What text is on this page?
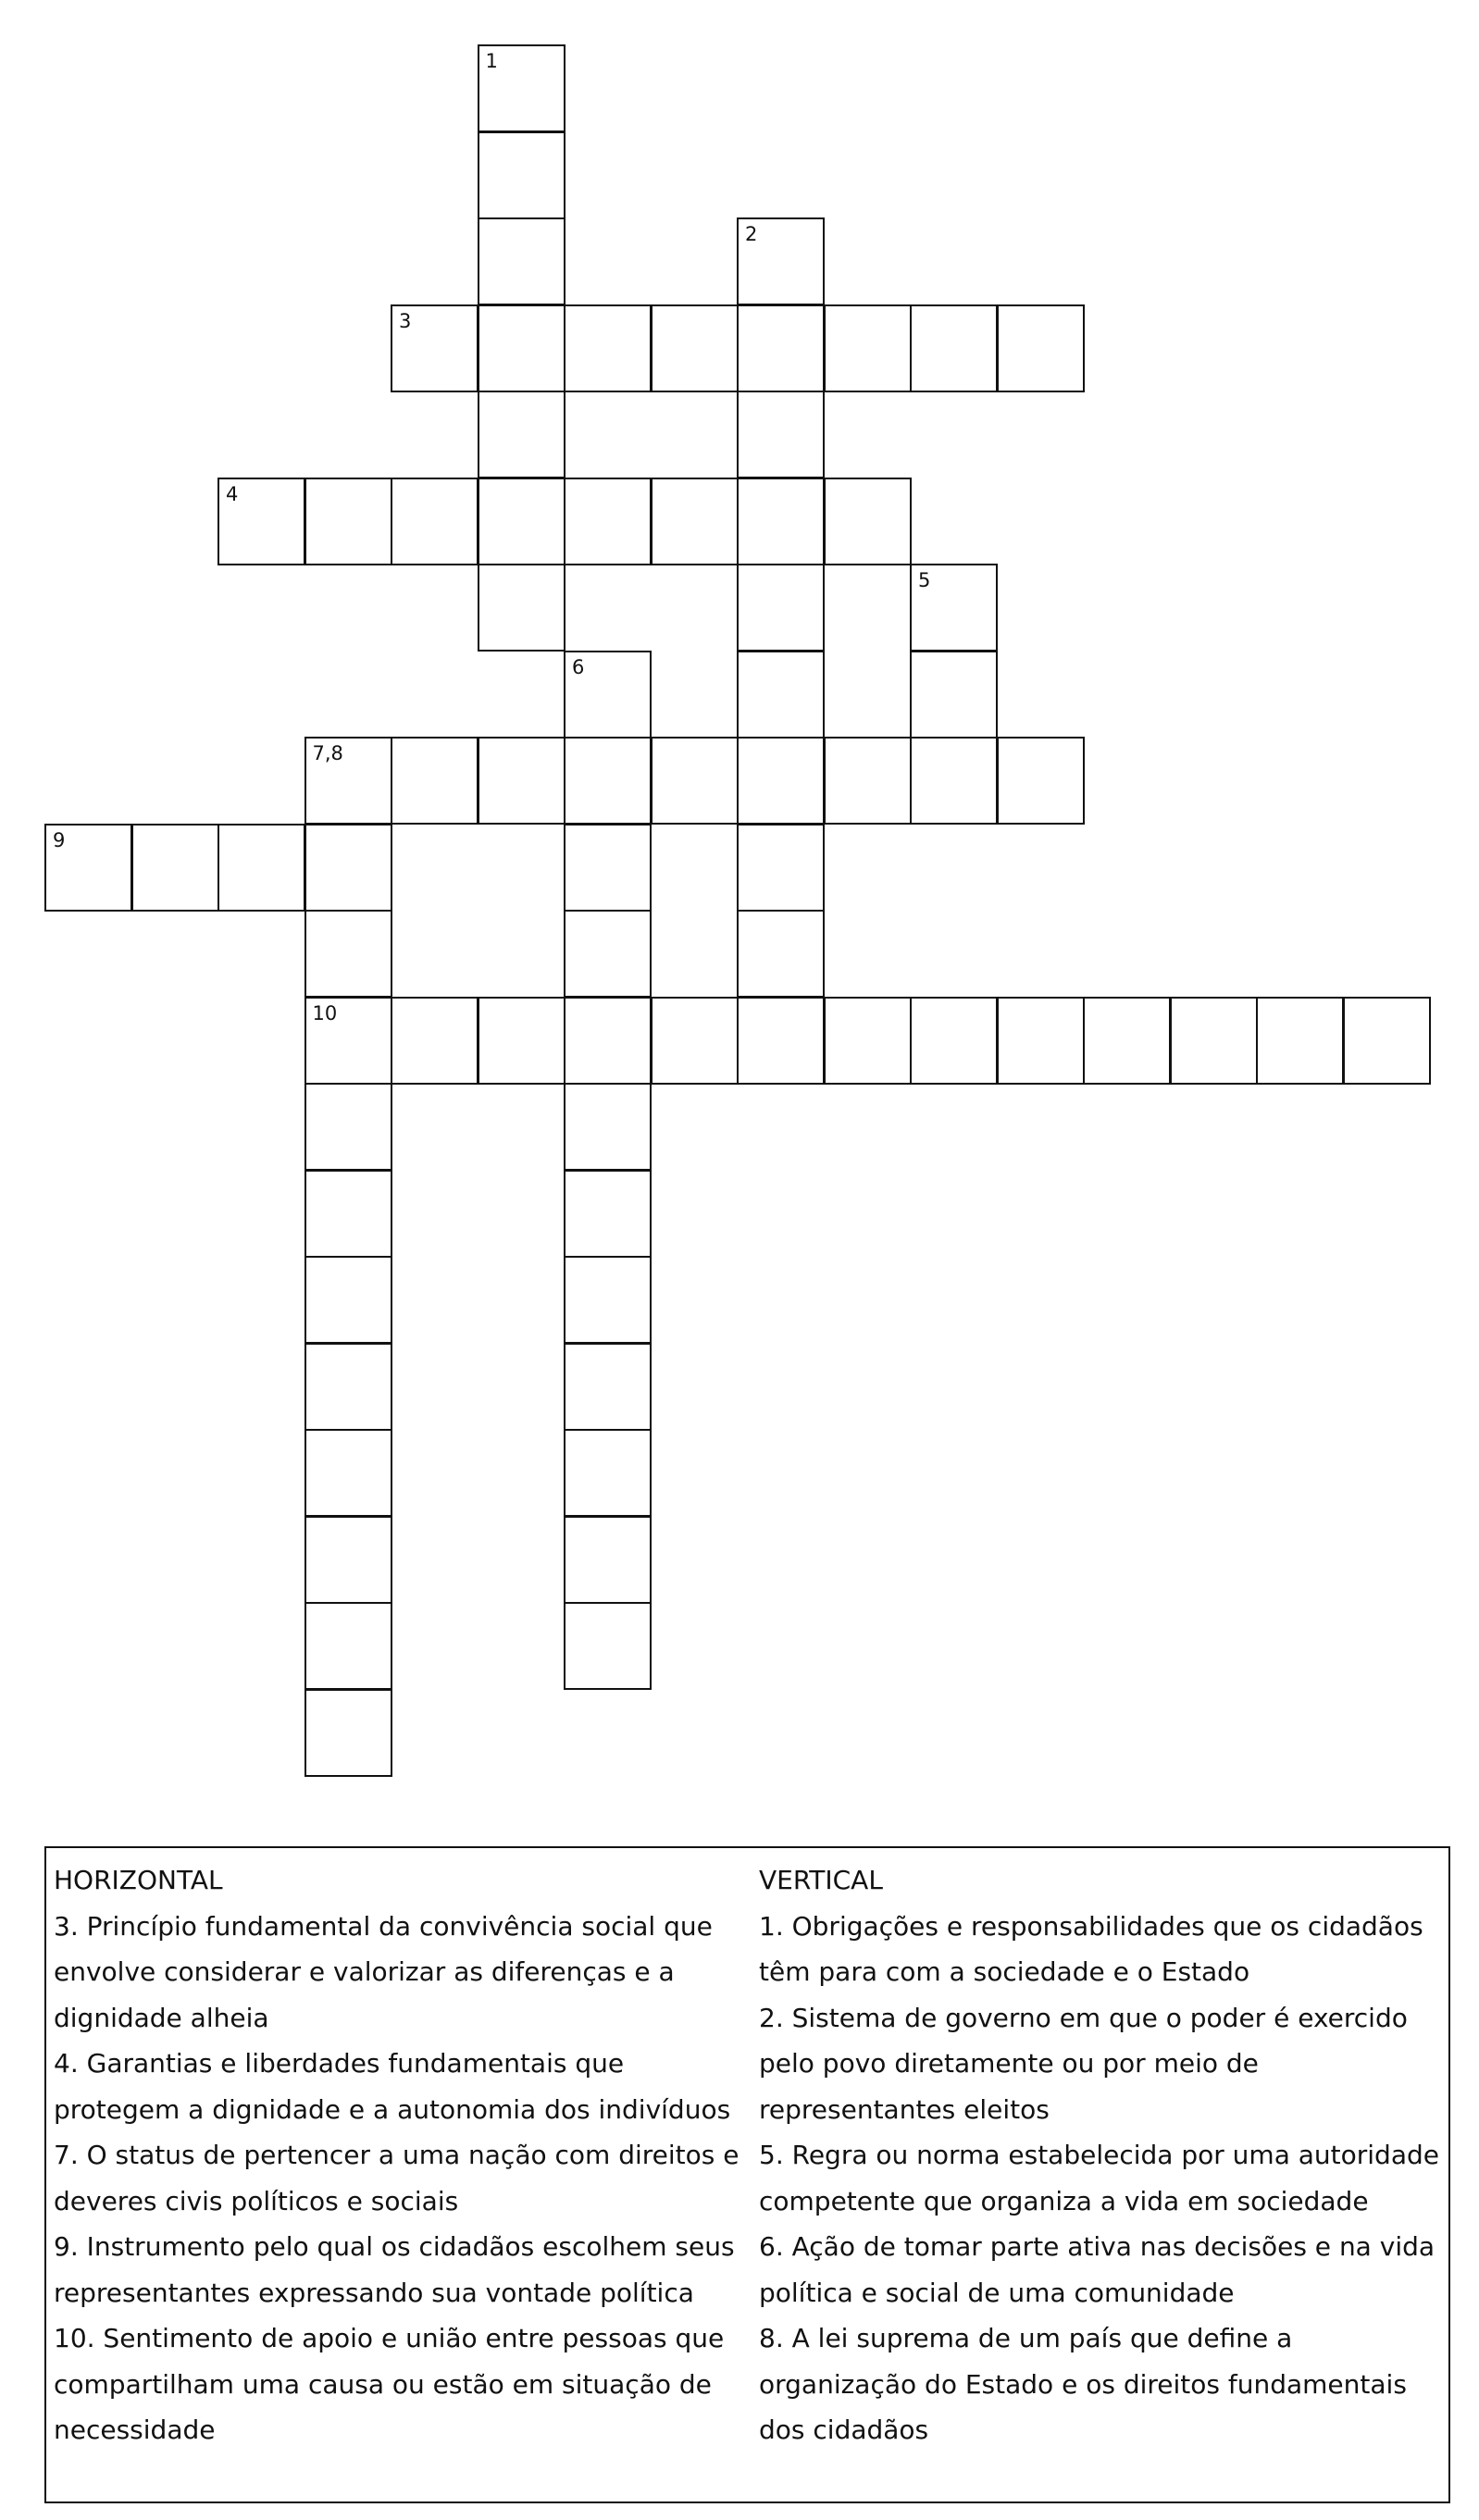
1
2
3
4
5
6
7,8
9
10

HORIZONTAL

3. Princípio fundamental da convivência social que envolve considerar e valorizar as diferenças e a dignidade alheia

4. Garantias e liberdades fundamentais que protegem a dignidade e a autonomia dos indivíduos

7. O status de pertencer a uma nação com direitos e deveres civis políticos e sociais

9. Instrumento pelo qual os cidadãos escolhem seus representantes expressando sua vontade política

10. Sentimento de apoio e união entre pessoas que compartilham uma causa ou estão em situação de necessidade

VERTICAL

1. Obrigações e responsabilidades que os cidadãos têm para com a sociedade e o Estado

2. Sistema de governo em que o poder é exercido pelo povo diretamente ou por meio de representantes eleitos

5. Regra ou norma estabelecida por uma autoridade competente que organiza a vida em sociedade

6. Ação de tomar parte ativa nas decisões e na vida política e social de uma comunidade

8. A lei suprema de um país que define a organização do Estado e os direitos fundamentais dos cidadãos
